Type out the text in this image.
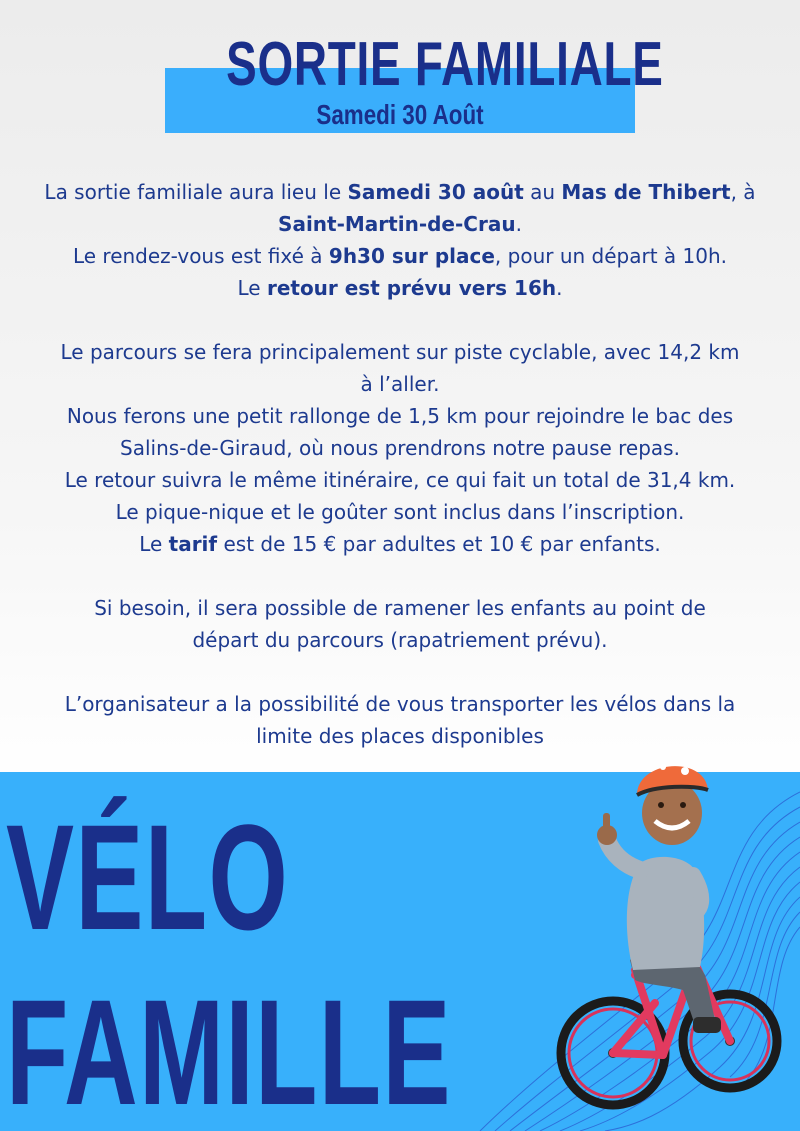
SORTIE FAMILIALE
Samedi 30 Août

La sortie familiale aura lieu le Samedi 30 août au Mas de Thibert, à
Saint-Martin-de-Crau.

Le rendez-vous est fixé à 9h30 sur place, pour un départ à 10h.

Le retour est prévu vers 16h.

Le parcours se fera principalement sur piste cyclable, avec 14,2 km
à l’aller.

Nous ferons une petit rallonge de 1,5 km pour rejoindre le bac des
Salins-de-Giraud, où nous prendrons notre pause repas.

Le retour suivra le même itinéraire, ce qui fait un total de 31,4 km.

Le pique-nique et le goûter sont inclus dans l’inscription.

Le tarif est de 15 € par adultes et 10 € par enfants.

Si besoin, il sera possible de ramener les enfants au point de
départ du parcours (rapatriement prévu).

L’organisateur a la possibilité de vous transporter les vélos dans la
limite des places disponibles

VÉLO
FAMILLE
